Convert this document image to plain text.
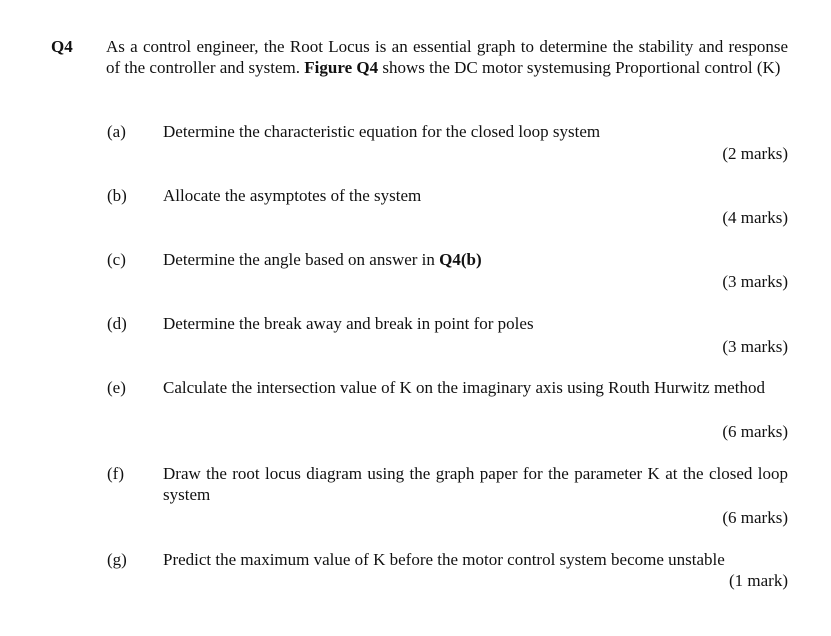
Q4 As a control engineer, the Root Locus is an essential graph to determine the stability and response of the controller and system. Figure Q4 shows the DC motor systemusing Proportional control (K)
(a) Determine the characteristic equation for the closed loop system
(2 marks)
(b) Allocate the asymptotes of the system
(4 marks)
(c) Determine the angle based on answer in Q4(b)
(3 marks)
(d) Determine the break away and break in point for poles
(3 marks)
(e) Calculate the intersection value of K on the imaginary axis using Routh Hurwitz method
(6 marks)
(f) Draw the root locus diagram using the graph paper for the parameter K at the closed loop system
(6 marks)
(g) Predict the maximum value of K before the motor control system become unstable
(1 mark)
